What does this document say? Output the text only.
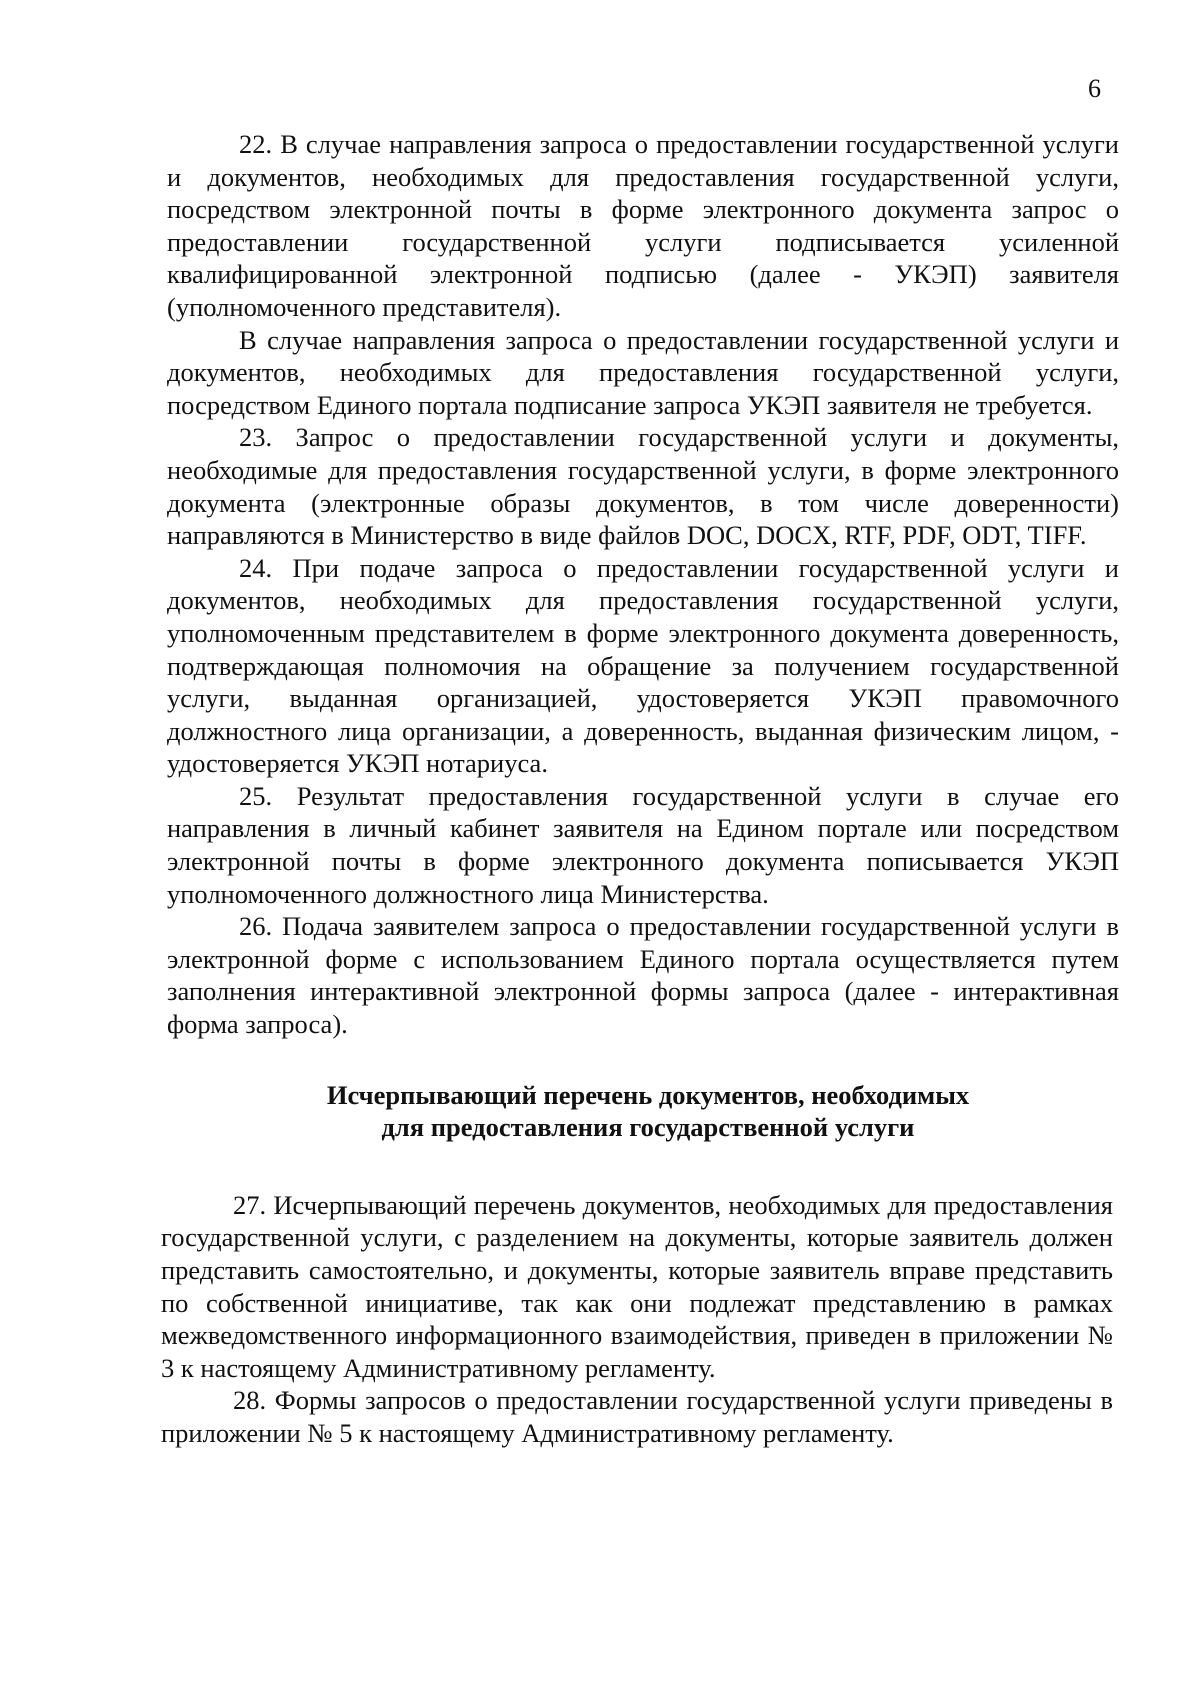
6

22. В случае направления запроса о предоставлении государственной услуги и документов, необходимых для предоставления государственной услуги, посредством электронной почты в форме электронного документа запрос о предоставлении государственной услуги подписывается усиленной квалифицированной электронной подписью (далее - УКЭП) заявителя (уполномоченного представителя).

В случае направления запроса о предоставлении государственной услуги и документов, необходимых для предоставления государственной услуги, посредством Единого портала подписание запроса УКЭП заявителя не требуется.

23. Запрос о предоставлении государственной услуги и документы, необходимые для предоставления государственной услуги, в форме электронного документа (электронные образы документов, в том числе доверенности) направляются в Министерство в виде файлов DOC, DOCX, RTF, PDF, ODT, TIFF.

24. При подаче запроса о предоставлении государственной услуги и документов, необходимых для предоставления государственной услуги, уполномоченным представителем в форме электронного документа доверенность, подтверждающая полномочия на обращение за получением государственной услуги, выданная организацией, удостоверяется УКЭП правомочного должностного лица организации, а доверенность, выданная физическим лицом, - удостоверяется УКЭП нотариуса.

25. Результат предоставления государственной услуги в случае его направления в личный кабинет заявителя на Едином портале или посредством электронной почты в форме электронного документа пописывается УКЭП уполномоченного должностного лица Министерства.

26. Подача заявителем запроса о предоставлении государственной услуги в электронной форме с использованием Единого портала осуществляется путем заполнения интерактивной электронной формы запроса (далее - интерактивная форма запроса).

Исчерпывающий перечень документов, необходимых
для предоставления государственной услуги

27. Исчерпывающий перечень документов, необходимых для предоставления государственной услуги, с разделением на документы, которые заявитель должен представить самостоятельно, и документы, которые заявитель вправе представить по собственной инициативе, так как они подлежат представлению в рамках межведомственного информационного взаимодействия, приведен в приложении № 3 к настоящему Административному регламенту.

28. Формы запросов о предоставлении государственной услуги приведены в приложении № 5 к настоящему Административному регламенту.
